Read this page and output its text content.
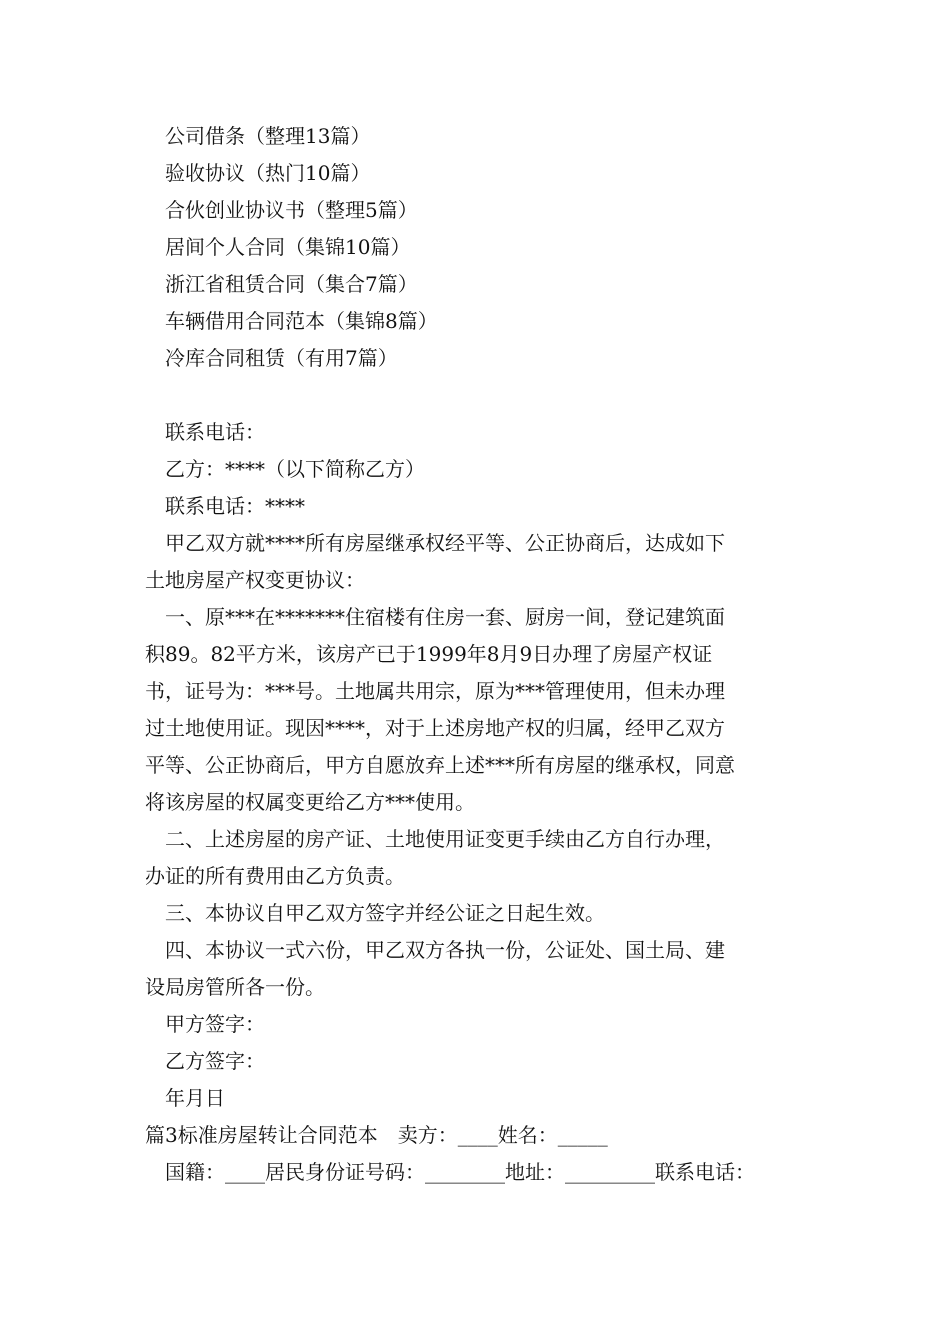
公司借条（整理13篇）
验收协议（热门10篇）
合伙创业协议书（整理5篇）
居间个人合同（集锦10篇）
浙江省租赁合同（集合7篇）
车辆借用合同范本（集锦8篇）
冷库合同租赁（有用7篇）
联系电话：
乙方：****（以下简称乙方）
联系电话：****
甲乙双方就****所有房屋继承权经平等、公正协商后，达成如下
土地房屋产权变更协议：
一、原***在*******住宿楼有住房一套、厨房一间，登记建筑面
积89。82平方米，该房产已于1999年8月9日办理了房屋产权证
书，证号为：***号。土地属共用宗，原为***管理使用，但未办理
过土地使用证。现因****，对于上述房地产权的归属，经甲乙双方
平等、公正协商后，甲方自愿放弃上述***所有房屋的继承权，同意
将该房屋的权属变更给乙方***使用。
二、上述房屋的房产证、土地使用证变更手续由乙方自行办理，
办证的所有费用由乙方负责。
三、本协议自甲乙双方签字并经公证之日起生效。
四、本协议一式六份，甲乙双方各执一份，公证处、国土局、建
设局房管所各一份。
甲方签字：
乙方签字：
年月日
篇3标准房屋转让合同范本　卖方：____姓名：_____
国籍：____居民身份证号码：________地址：_________联系电话：
